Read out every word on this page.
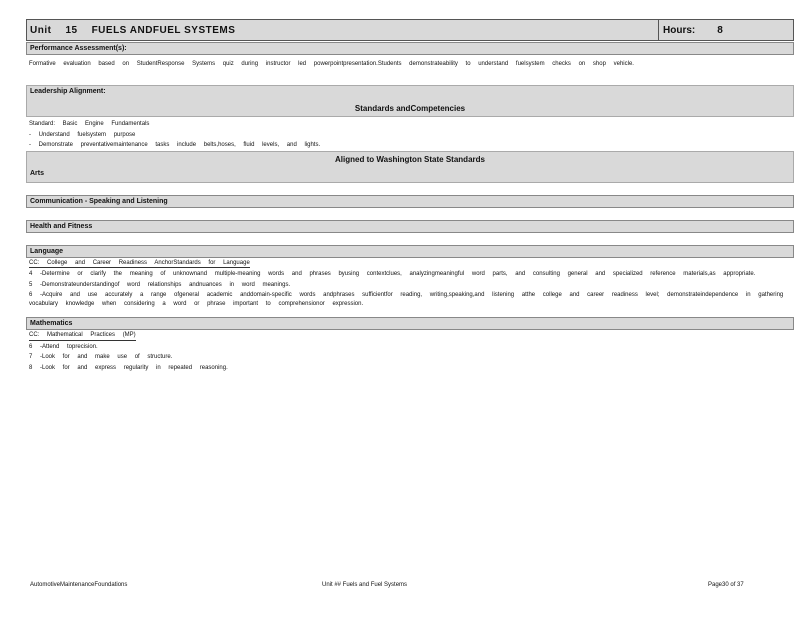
Unit 15 FUELS ANDFUEL SYSTEMS	Hours: 8
Performance Assessment(s):
Formative evaluation based on StudentResponse Systems quiz during instructor led powerpointpresentation.Students demonstrateability to understand fuelsystem checks on shop vehicle.
Leadership Alignment:
Standards andCompetencies
Standard: Basic Engine Fundamentals
- Understand fuelsystem purpose
- Demonstrate preventativemaintenance tasks include belts,hoses, fluid levels, and lights.
Aligned to Washington State Standards
Arts
Communication - Speaking and Listening
Health and Fitness
Language
CC: College and Career Readiness AnchorStandards for Language
4 -Determine or clarify the meaning of unknownand multiple-meaning words and phrases byusing contextclues, analyzingmeaningful word parts, and consulting general and specialized reference materials,as appropriate.
5 -Demonstrateunderstandingof word relationships andnuances in word meanings.
6 -Acquire and use accurately a range ofgeneral academic anddomain-specific words andphrases sufficientfor reading, writing,speaking,and listening atthe college and career readiness level; demonstrateindependence in gathering vocabulary knowledge when considering a word or phrase important to comprehensionor expression.
Mathematics
CC: Mathematical Practices (MP)
6 -Attend toprecision.
7 -Look for and make use of structure.
8 -Look for and express regularity in repeated reasoning.
AutomotiveMaintenanceFoundations	Unit ## Fuels and Fuel Systems	Page30 of 37
